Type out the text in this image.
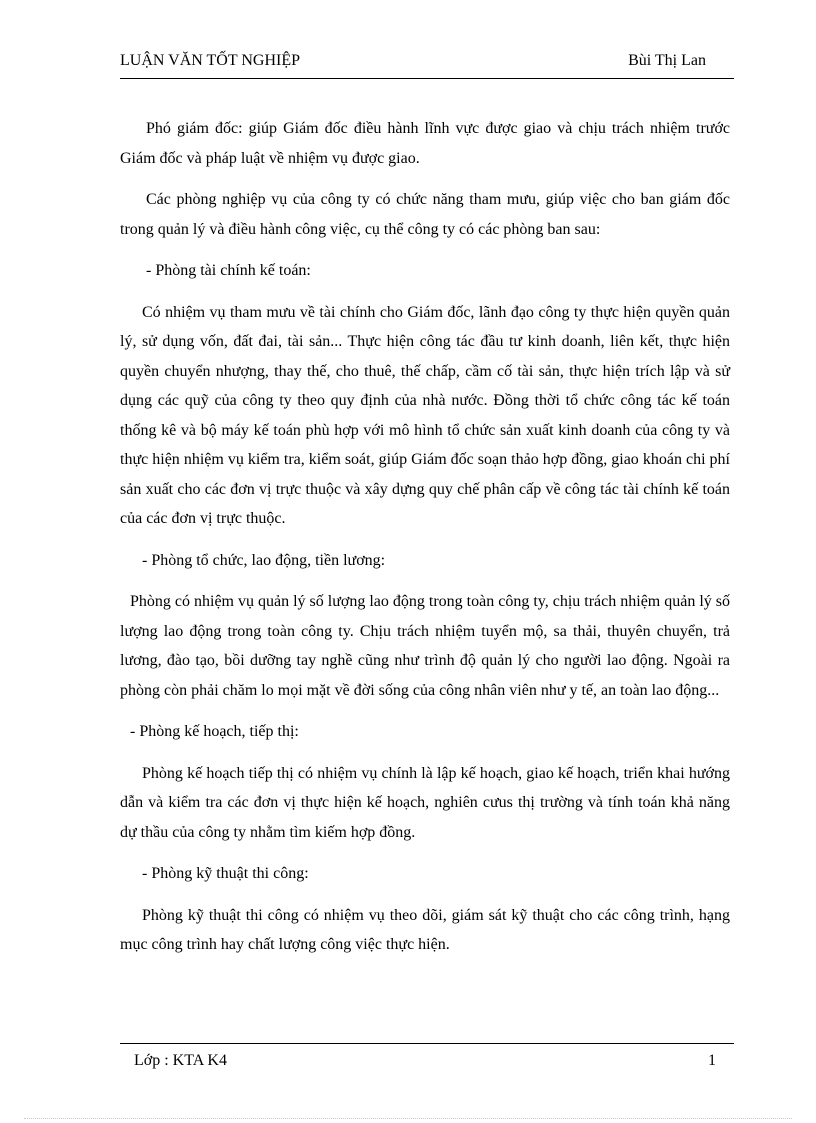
LUẬN VĂN TỐT NGHIỆP	Bùi Thị Lan

Phó giám đốc: giúp Giám đốc điều hành lĩnh vực được giao và chịu trách nhiệm trước Giám đốc và pháp luật về nhiệm vụ được giao.

Các phòng nghiệp vụ của công ty có chức năng tham mưu, giúp việc cho ban giám đốc trong quản lý và điều hành công việc, cụ thể công ty có các phòng ban sau:

- Phòng tài chính kế toán:

Có nhiệm vụ tham mưu về tài chính cho Giám đốc, lãnh đạo công ty thực hiện quyền quản lý, sử dụng vốn, đất đai, tài sản... Thực hiện công tác đầu tư kinh doanh, liên kết, thực hiện quyền chuyển nhượng, thay thế, cho thuê, thế chấp, cầm cố tài sản, thực hiện trích lập và sử dụng các quỹ của công ty theo quy định của nhà nước. Đồng thời tổ chức công tác kế toán thống kê và bộ máy kế toán phù hợp với mô hình tổ chức sản xuất kinh doanh của công ty và thực hiện nhiệm vụ kiểm tra, kiểm soát, giúp Giám đốc soạn thảo hợp đồng, giao khoán chi phí sản xuất cho các đơn vị trực thuộc và xây dựng quy chế phân cấp về công tác tài chính kế toán của các đơn vị trực thuộc.

- Phòng tổ chức, lao động, tiền lương:

Phòng có nhiệm vụ quản lý số lượng lao động trong toàn công ty, chịu trách nhiệm quản lý số lượng lao động trong toàn công ty. Chịu trách nhiệm tuyển mộ, sa thải, thuyên chuyển, trả lương, đào tạo, bồi dưỡng tay nghề cũng như trình độ quản lý cho người lao động. Ngoài ra phòng còn phải chăm lo mọi mặt về đời sống của công nhân viên như y tế, an toàn lao động...

- Phòng kế hoạch, tiếp thị:

Phòng kế hoạch tiếp thị có nhiệm vụ chính là lập kế hoạch, giao kế hoạch, triển khai hướng dẫn và kiểm tra các đơn vị thực hiện kế hoạch, nghiên cưus thị trường và tính toán khả năng dự thầu của công ty nhằm tìm kiếm hợp đồng.

- Phòng kỹ thuật thi công:

Phòng kỹ thuật thi công có nhiệm vụ theo dõi, giám sát kỹ thuật cho các công trình, hạng mục công trình hay chất lượng công việc thực hiện.

Lớp : KTA K4	1
